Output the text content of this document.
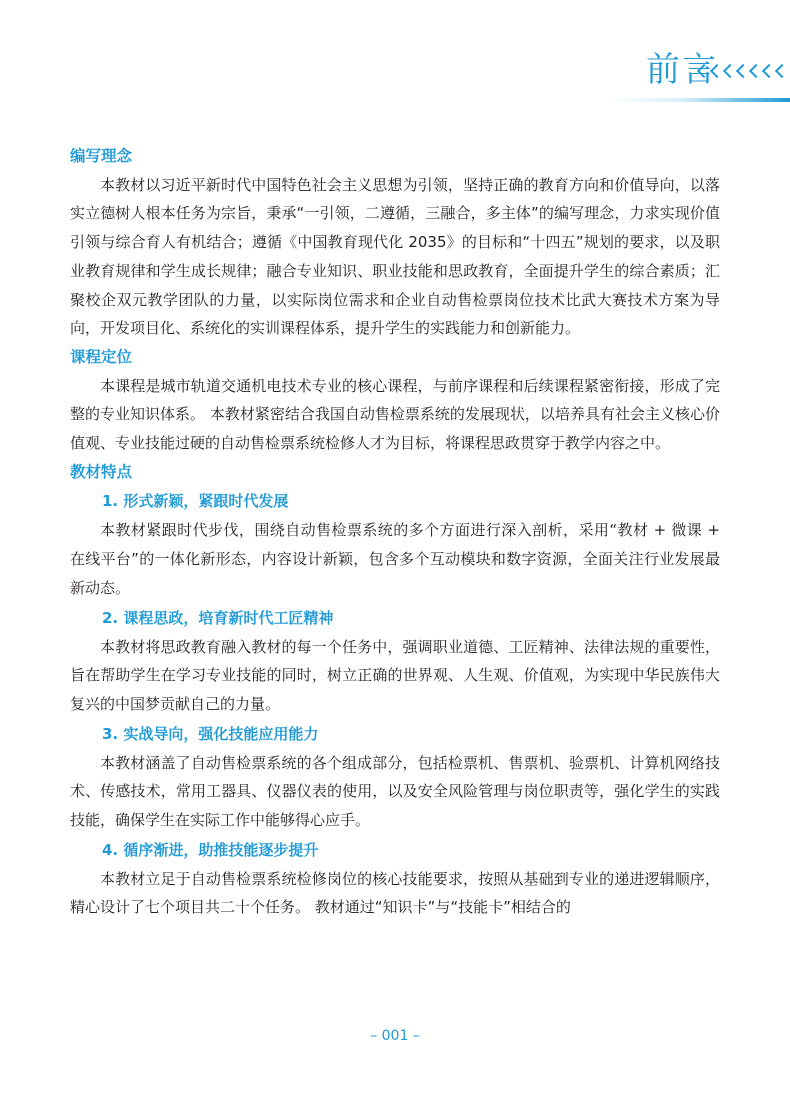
前言
编写理念

本教材以习近平新时代中国特色社会主义思想为引领，坚持正确的教育方向和价值导向，以落实立德树人根本任务为宗旨，秉承“一引领，二遵循，三融合，多主体”的编写理念，力求实现价值引领与综合育人有机结合；遵循《中国教育现代化 2035》的目标和“十四五”规划的要求，以及职业教育规律和学生成长规律；融合专业知识、职业技能和思政教育，全面提升学生的综合素质；汇聚校企双元教学团队的力量，以实际岗位需求和企业自动售检票岗位技术比武大赛技术方案为导向，开发项目化、系统化的实训课程体系，提升学生的实践能力和创新能力。

课程定位

本课程是城市轨道交通机电技术专业的核心课程，与前序课程和后续课程紧密衔接，形成了完整的专业知识体系。 本教材紧密结合我国自动售检票系统的发展现状，以培养具有社会主义核心价值观、专业技能过硬的自动售检票系统检修人才为目标，将课程思政贯穿于教学内容之中。

教材特点
1. 形式新颖，紧跟时代发展

本教材紧跟时代步伐，围绕自动售检票系统的多个方面进行深入剖析，采用“教材 + 微课 + 在线平台”的一体化新形态，内容设计新颖，包含多个互动模块和数字资源，全面关注行业发展最新动态。

2. 课程思政，培育新时代工匠精神

本教材将思政教育融入教材的每一个任务中，强调职业道德、工匠精神、法律法规的重要性，旨在帮助学生在学习专业技能的同时，树立正确的世界观、人生观、价值观，为实现中华民族伟大复兴的中国梦贡献自己的力量。

3. 实战导向，强化技能应用能力

本教材涵盖了自动售检票系统的各个组成部分，包括检票机、售票机、验票机、计算机网络技术、传感技术，常用工器具、仪器仪表的使用，以及安全风险管理与岗位职责等，强化学生的实践技能，确保学生在实际工作中能够得心应手。

4. 循序渐进，助推技能逐步提升

本教材立足于自动售检票系统检修岗位的核心技能要求，按照从基础到专业的递进逻辑顺序，精心设计了七个项目共二十个任务。 教材通过“知识卡”与“技能卡”相结合的

– 001 –
